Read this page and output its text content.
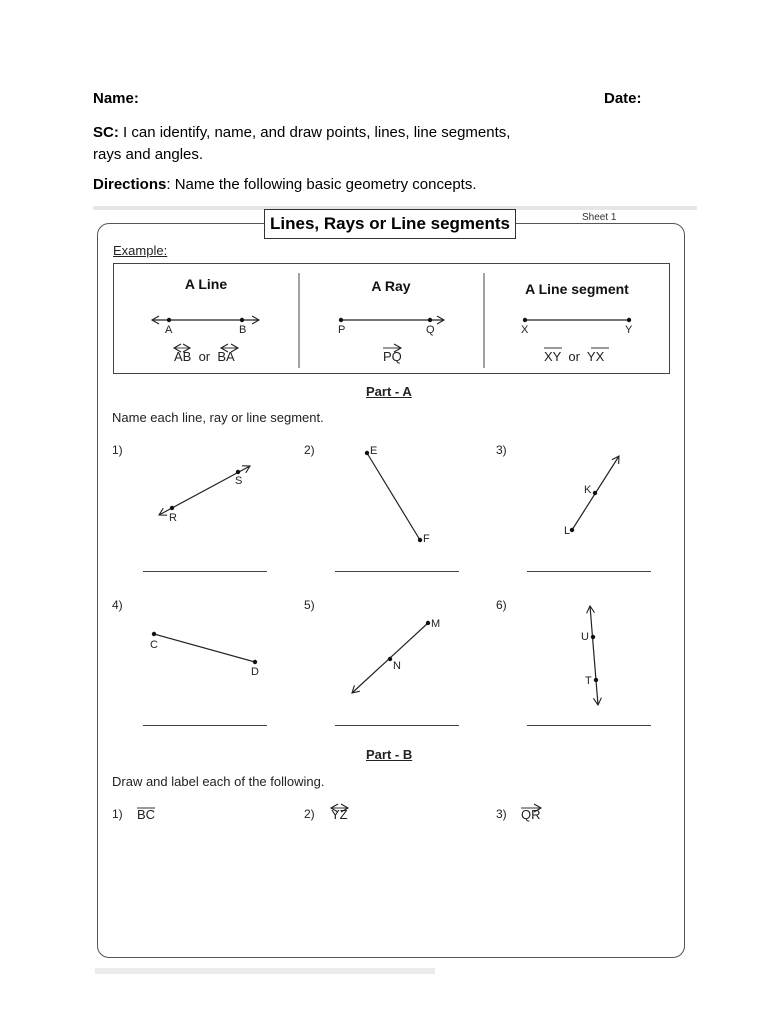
Name:	Date:
SC: I can identify, name, and draw points, lines, line segments,
rays and angles.
Directions: Name the following basic geometry concepts.
Lines, Rays or Line segments	Sheet 1
Example:
A Line	A Ray	A Line segment
A	B	P	Q	X	Y
AB or BA	PQ	XY or YX
Part - A
Name each line, ray or line segment.
1)	2)	3)
4)	5)	6)
R
S
E
F
K
L
C
D
M
N
U
T
Part - B
Draw and label each of the following.
1) BC	2) YZ	3) QR
